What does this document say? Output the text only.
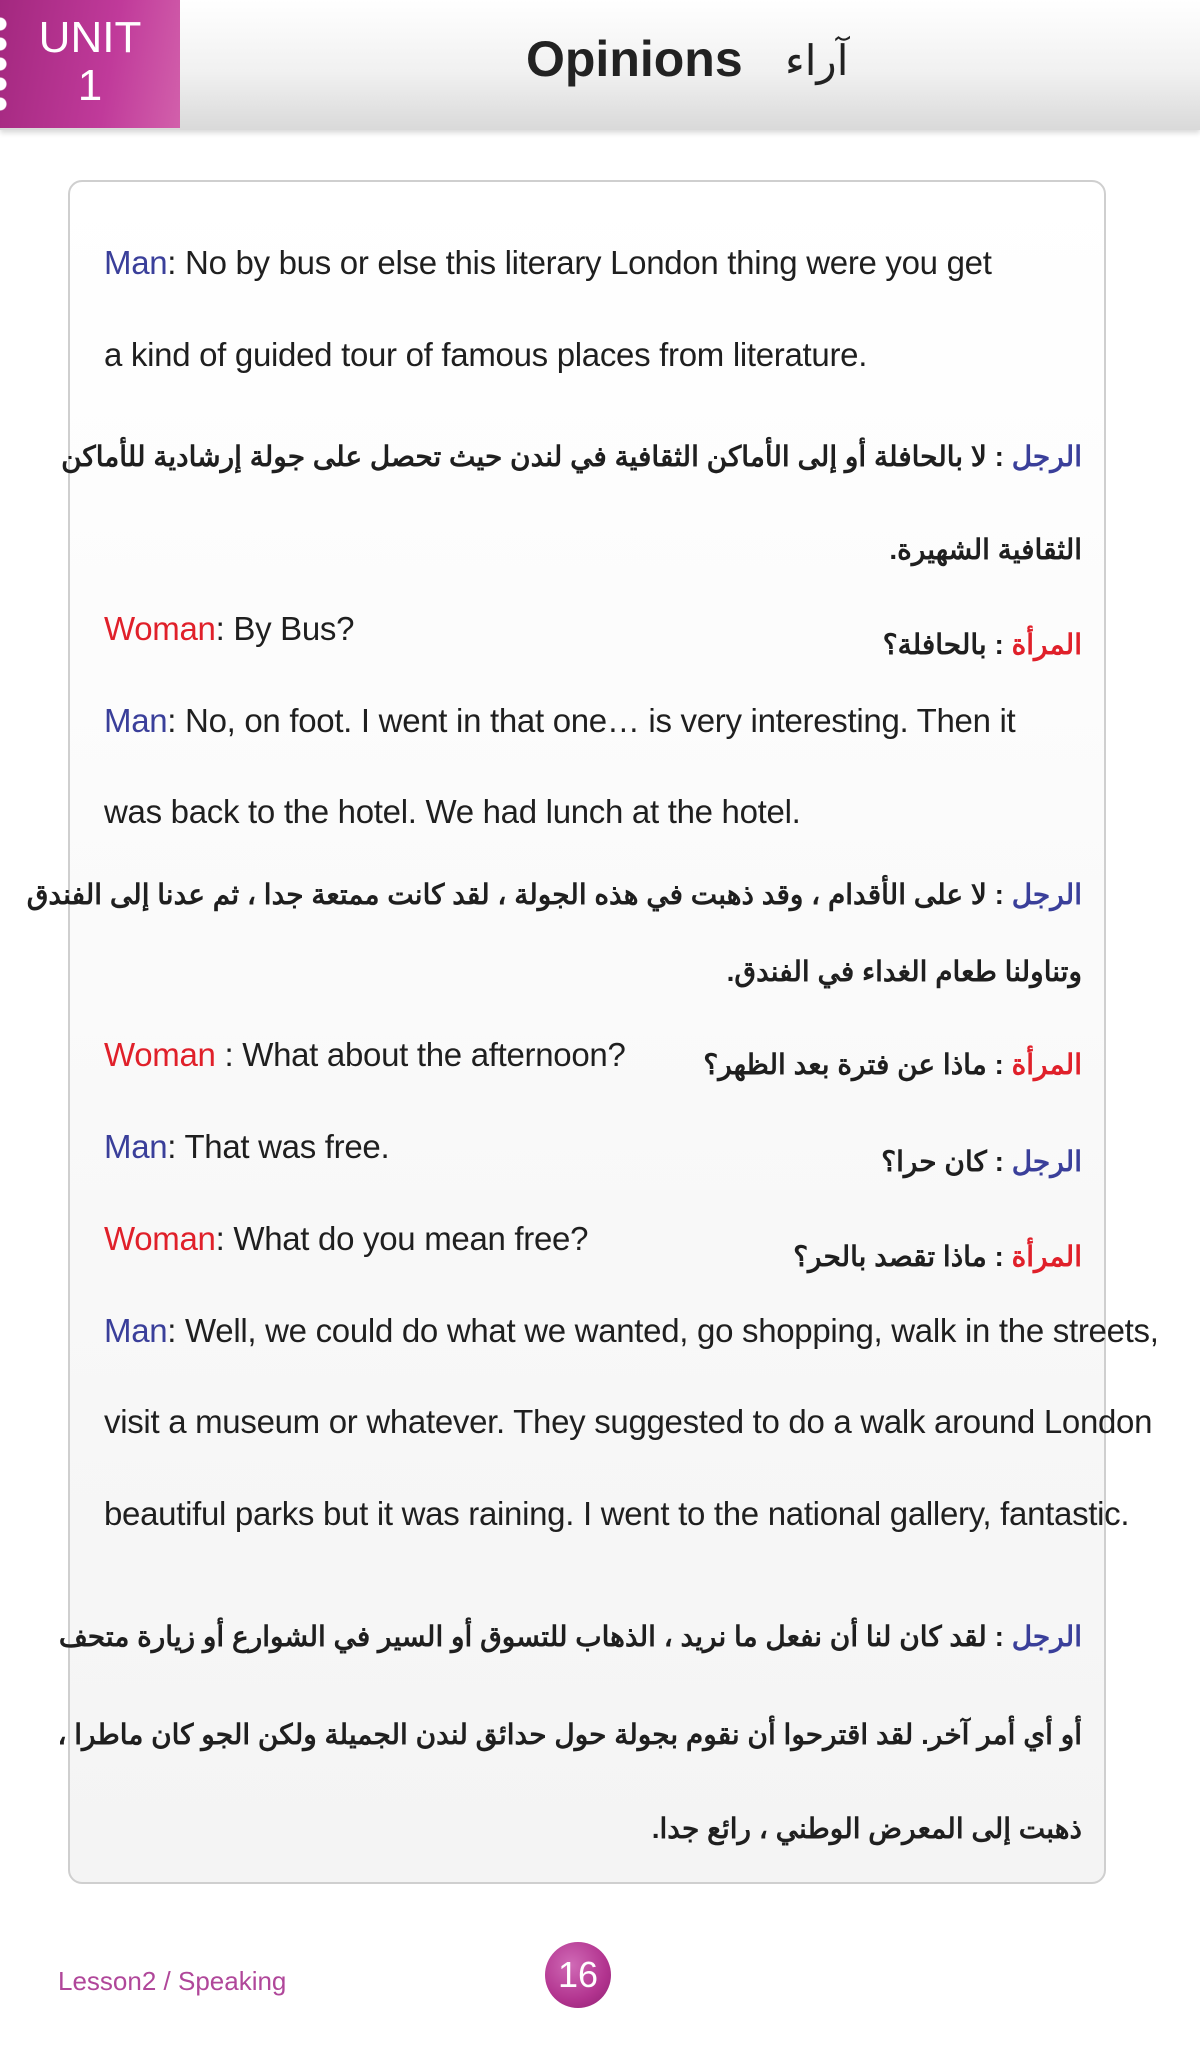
UNIT
1	Opinions آراء
Man: No by bus or else this literary London thing were you get
a kind of guided tour of famous places from literature.
الرجل : لا بالحافلة أو إلى الأماكن الثقافية في لندن حيث تحصل على جولة إرشادية للأماكن
الثقافية الشهيرة.
Woman: By Bus?	المرأة : بالحافلة؟
Man: No, on foot. I went in that one… is very interesting. Then it
was back to the hotel. We had lunch at the hotel.
الرجل : لا على الأقدام ، وقد ذهبت في هذه الجولة ، لقد كانت ممتعة جدا ، ثم عدنا إلى الفندق
وتناولنا طعام الغداء في الفندق.
Woman : What about the afternoon?	المرأة : ماذا عن فترة بعد الظهر؟
Man: That was free.	الرجل : كان حرا؟
Woman: What do you mean free?	المرأة : ماذا تقصد بالحر؟
Man: Well, we could do what we wanted, go shopping, walk in the streets,
visit a museum or whatever. They suggested to do a walk around London
beautiful parks but it was raining. I went to the national gallery, fantastic.
الرجل : لقد كان لنا أن نفعل ما نريد ، الذهاب للتسوق أو السير في الشوارع أو زيارة متحف
أو أي أمر آخر. لقد اقترحوا أن نقوم بجولة حول حدائق لندن الجميلة ولكن الجو كان ماطرا ،
ذهبت إلى المعرض الوطني ، رائع جدا.
Lesson2 / Speaking	16
